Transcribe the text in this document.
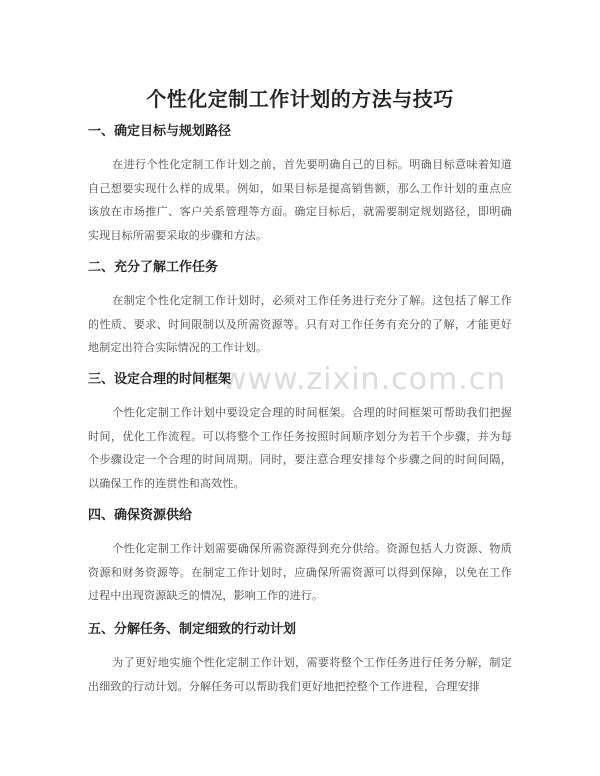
个性化定制工作计划的方法与技巧
www.zixin.com.cn
一、确定目标与规划路径

在进行个性化定制工作计划之前，首先要明确自己的目标。明确目标意味着知道自己想要实现什么样的成果。例如，如果目标是提高销售额，那么工作计划的重点应该放在市场推广、客户关系管理等方面。确定目标后，就需要制定规划路径，即明确实现目标所需要采取的步骤和方法。

二、充分了解工作任务

在制定个性化定制工作计划时，必须对工作任务进行充分了解。这包括了解工作的性质、要求、时间限制以及所需资源等。只有对工作任务有充分的了解，才能更好地制定出符合实际情况的工作计划。

三、设定合理的时间框架

个性化定制工作计划中要设定合理的时间框架。合理的时间框架可帮助我们把握时间，优化工作流程。可以将整个工作任务按照时间顺序划分为若干个步骤，并为每个步骤设定一个合理的时间周期。同时，要注意合理安排每个步骤之间的时间间隔，以确保工作的连贯性和高效性。

四、确保资源供给

个性化定制工作计划需要确保所需资源得到充分供给。资源包括人力资源、物质资源和财务资源等。在制定工作计划时，应确保所需资源可以得到保障，以免在工作过程中出现资源缺乏的情况，影响工作的进行。

五、分解任务、制定细致的行动计划

为了更好地实施个性化定制工作计划，需要将整个工作任务进行任务分解，制定出细致的行动计划。分解任务可以帮助我们更好地把控整个工作进程，合理安排
